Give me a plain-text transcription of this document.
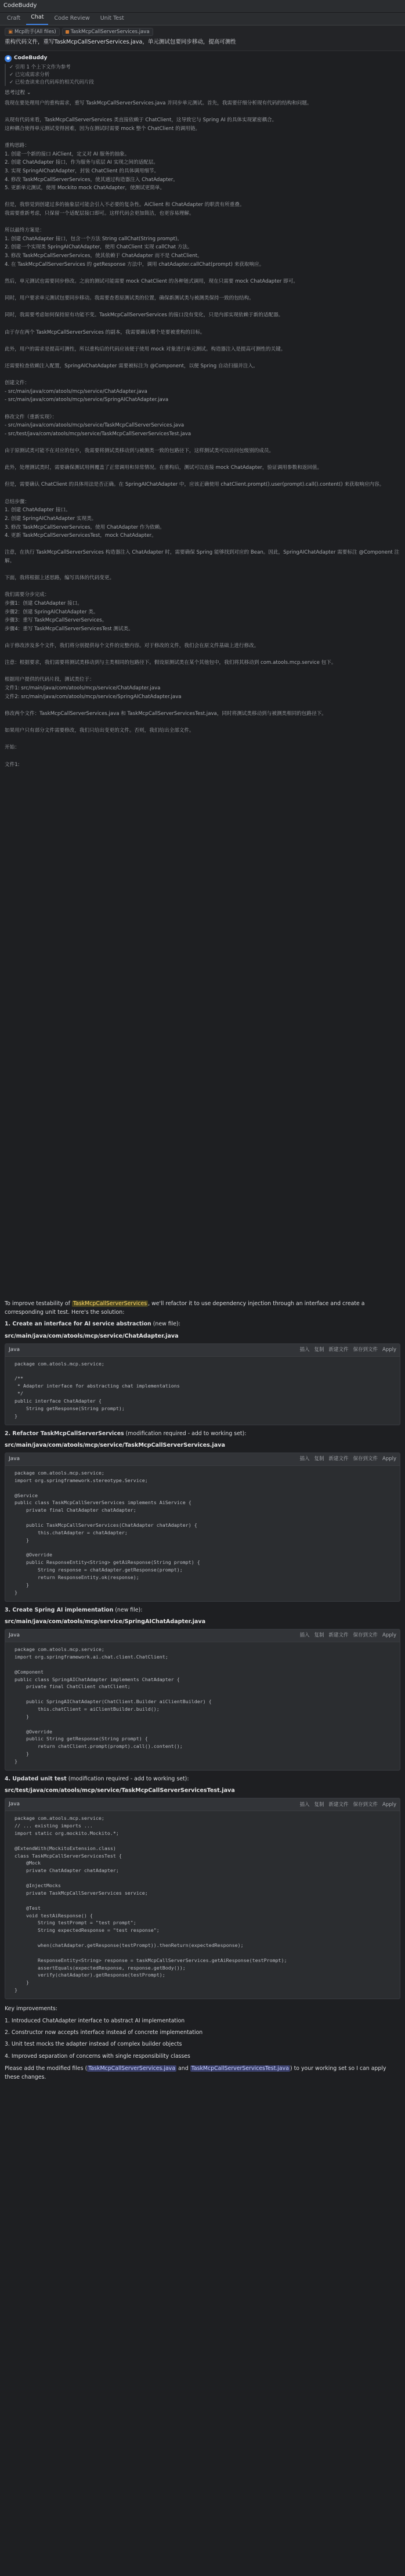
CodeBuddy
Craft	Chat	Code Review	Unit Test
▣ Mcp助手(All files)	TaskMcpCallServerServices.java
重构代码文件，重写TaskMcpCallServerServices.java，单元测试包要同步移动，提高可测性
● CodeBuddy
✓ 引用 1 个上下文作为参考
✓ 已完成需求分析
✓ 已检查读来自代码库的相关代码片段
思考过程 ⌄
我现在要处理用户的重构需求，重写 TaskMcpCallServerServices.java 并同步单元测试。首先，我需要仔细分析现有代码的结构和问题。

从现有代码来看，TaskMcpCallServerServices 类直接依赖于 ChatClient，这导致它与 Spring AI 的具体实现紧密耦合。
这种耦合使得单元测试变得困难，因为在测试时需要 mock 整个 ChatClient 的调用链。

重构思路：
1. 创建一个新的接口 AiClient，定义对 AI 服务的抽象。
2. 创建 ChatAdapter 接口，作为服务与底层 AI 实现之间的适配层。
3. 实现 SpringAIChatAdapter，封装 ChatClient 的具体调用细节。
4. 修改 TaskMcpCallServerServices，使其通过构造器注入 ChatAdapter。
5. 更新单元测试，使用 Mockito mock ChatAdapter，使测试更简单。

但是，我察觉到创建过多的抽象层可能会引入不必要的复杂性。AiClient 和 ChatAdapter 的职责有所重叠。
我需要重新考虑，只保留一个适配层接口即可。这样代码会更加简洁，也更容易理解。

所以最终方案是：
1. 创建 ChatAdapter 接口，包含一个方法 String callChat(String prompt)。
2. 创建一个实现类 SpringAIChatAdapter，使用 ChatClient 实现 callChat 方法。
3. 修改 TaskMcpCallServerServices，使其依赖于 ChatAdapter 而不是 ChatClient。
4. 在 TaskMcpCallServerServices 的 getResponse 方法中，调用 chatAdapter.callChat(prompt) 来获取响应。

然后，单元测试也需要同步修改。之前的测试可能需要 mock ChatClient 的各种链式调用，现在只需要 mock ChatAdapter 即可。

同时，用户要求单元测试包要同步移动。我需要查看原测试类的位置，确保新测试类与被测类保持一致的包结构。

同时，我需要考虑如何保持原有功能不变。TaskMcpCallServerServices 的接口没有变化，只是内部实现依赖于新的适配器。

由于存在两个 TaskMcpCallServerServices 的副本，我需要确认哪个是要被重构的目标。

此外，用户的需求是提高可测性，所以重构后的代码应该便于使用 mock 对象进行单元测试。构造器注入是提高可测性的关键。

还需要检查依赖注入配置，SpringAIChatAdapter 需要被标注为 @Component，以便 Spring 自动扫描并注入。

创建文件：
- src/main/java/com/atools/mcp/service/ChatAdapter.java
- src/main/java/com/atools/mcp/service/SpringAIChatAdapter.java

修改文件（重新实现）：
- src/main/java/com/atools/mcp/service/TaskMcpCallServerServices.java
- src/test/java/com/atools/mcp/service/TaskMcpCallServerServicesTest.java

由于原测试类可能不在对应的包中，我需要将测试类移动到与被测类一致的包路径下，这样测试类可以访问包级别的成员。

此外，处理测试类时，需要确保测试用例覆盖了正常调用和异常情况。在重构后，测试可以直接 mock ChatAdapter，验证调用参数和返回值。

但是，需要确认 ChatClient 的具体用法是否正确。在 SpringAIChatAdapter 中，应该正确使用 chatClient.prompt().user(prompt).call().content() 来获取响应内容。

总结步骤：
1. 创建 ChatAdapter 接口。
2. 创建 SpringAIChatAdapter 实现类。
3. 修改 TaskMcpCallServerServices，使用 ChatAdapter 作为依赖。
4. 更新 TaskMcpCallServerServicesTest，mock ChatAdapter。

注意，在执行 TaskMcpCallServerServices 构造器注入 ChatAdapter 时，需要确保 Spring 能够找到对应的 Bean。因此，SpringAIChatAdapter 需要标注 @Component 注解。

下面，我将根据上述思路，编写具体的代码变更。

我们需要分步完成：
步骤1：创建 ChatAdapter 接口。
步骤2：创建 SpringAIChatAdapter 类。
步骤3：重写 TaskMcpCallServerServices。
步骤4：重写 TaskMcpCallServerServicesTest 测试类。

由于修改涉及多个文件，我们将分别提供每个文件的完整内容。对于修改的文件，我们会在原文件基础上进行修改。

注意：根据要求，我们需要将测试类移动到与主类相同的包路径下。假设原测试类在某个其他包中，我们将其移动到 com.atools.mcp.service 包下。

根据用户提供的代码片段，测试类位于：
文件1: src/main/java/com/atools/mcp/service/ChatAdapter.java
文件2: src/main/java/com/atools/mcp/service/SpringAIChatAdapter.java

修改两个文件：TaskMcpCallServerServices.java 和 TaskMcpCallServerServicesTest.java，同时将测试类移动到与被测类相同的包路径下。

如果用户只有部分文件需要修改，我们只给出变更的文件。否则，我们给出全部文件。

开始：

文件1:
To improve testability of TaskMcpCallServerServices , we'll refactor it to use dependency injection through an interface and create a corresponding unit test. Here's the solution:
1. Create an interface for AI service abstraction (new file):
src/main/java/com/atools/mcp/service/ChatAdapter.java
Java	插入 复制 新建文件 保存到文件 Apply
package com.atools.mcp.service;

/**
* Adapter interface for abstracting chat implementations
*/
public interface ChatAdapter {
String getResponse(String prompt);
}
2. Refactor TaskMcpCallServerServices (modification required - add to working set):
src/main/java/com/atools/mcp/service/TaskMcpCallServerServices.java
Java	插入 复制 新建文件 保存到文件 Apply
package com.atools.mcp.service;
import org.springframework.stereotype.Service;

@Service
public class TaskMcpCallServerServices implements AiService {
private final ChatAdapter chatAdapter;

public TaskMcpCallServerServices(ChatAdapter chatAdapter) {
this.chatAdapter = chatAdapter;
}

@Override
public ResponseEntity<String> getAiResponse(String prompt) {
String response = chatAdapter.getResponse(prompt);
return ResponseEntity.ok(response);
}
}
3. Create Spring AI implementation (new file):
src/main/java/com/atools/mcp/service/SpringAIChatAdapter.java
Java	插入 复制 新建文件 保存到文件 Apply
package com.atools.mcp.service;
import org.springframework.ai.chat.client.ChatClient;

@Component
public class SpringAIChatAdapter implements ChatAdapter {
private final ChatClient chatClient;

public SpringAIChatAdapter(ChatClient.Builder aiClientBuilder) {
this.chatClient = aiClientBuilder.build();
}

@Override
public String getResponse(String prompt) {
return chatClient.prompt(prompt).call().content();
}
}
4. Updated unit test (modification required - add to working set):
src/test/java/com/atools/mcp/service/TaskMcpCallServerServicesTest.java
Java	插入 复制 新建文件 保存到文件 Apply
package com.atools.mcp.service;
// ... existing imports ...
import static org.mockito.Mockito.*;

@ExtendWith(MockitoExtension.class)
class TaskMcpCallServerServicesTest {
@Mock
private ChatAdapter chatAdapter;

@InjectMocks
private TaskMcpCallServerServices service;

@Test
void testAiResponse() {
String testPrompt = "test prompt";
String expectedResponse = "test response";

when(chatAdapter.getResponse(testPrompt)).thenReturn(expectedResponse);

ResponseEntity<String> response = taskMcpCallServerServices.getAiResponse(testPrompt);
assertEquals(expectedResponse, response.getBody());
verify(chatAdapter).getResponse(testPrompt);
}
}
Key improvements:
1. Introduced ChatAdapter interface to abstract AI implementation
2. Constructor now accepts interface instead of concrete implementation
3. Unit test mocks the adapter instead of complex builder objects
4. Improved separation of concerns with single responsibility classes
Please add the modified files ( TaskMcpCallServerServices.java and TaskMcpCallServerServicesTest.java ) to your working set so I can apply these changes.
